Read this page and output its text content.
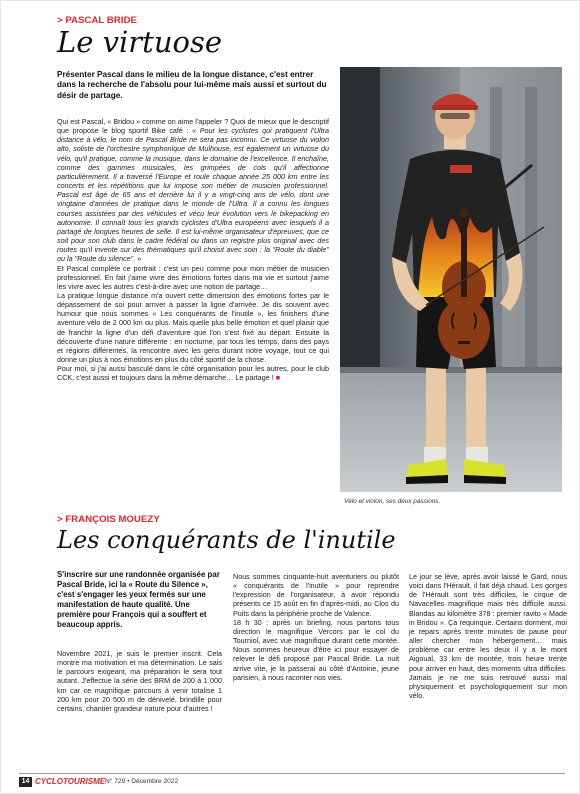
> PASCAL BRIDE
Le virtuose
Présenter Pascal dans le milieu de la longue distance, c'est entrer dans la recherche de l'absolu pour lui-même mais aussi et surtout du désir de partage.

Qui est Pascal, « Bridou » comme on aime l'appeler ? Quoi de mieux que le descriptif que propose le blog sportif Bike café : « Pour les cyclistes qui pratiquent l'Ultra distance à vélo, le nom de Pascal Bride ne sera pas inconnu. Ce virtuose du violon alto, soliste de l'orchestre symphonique de Mulhouse, est également un virtuose du vélo, qu'il pratique, comme la musique, dans le domaine de l'excellence. Il enchaîne, comme des gammes musicales, les grimpées de cols qu'il affectionne particulièrement. Il a traversé l'Europe et roule chaque année 25 000 km entre les concerts et les répétitions que lui impose son métier de musicien professionnel. Pascal est âgé de 65 ans et derrière lui il y a vingt-cinq ans de vélo, dont une vingtaine d'années de pratique dans le monde de l'Ultra. Il a connu les longues courses assistées par des véhicules et vécu leur évolution vers le bikepacking en autonomie. Il connaît tous les grands cyclistes d'Ultra européens avec lesquels il a partagé de longues heures de selle. Il est lui-même organisateur d'épreuves, que ce soit pour son club dans le cadre fédéral ou dans un registre plus original avec des routes qu'il invente sur des thématiques qu'il choisit avec soin : la "Route du diable" ou la "Route du silence". »

Et Pascal complète ce portrait : c'est un peu comme pour mon métier de musicien professionnel. En fait j'aime vivre des émotions fortes dans ma vie et surtout j'aime les vivre avec les autres c'est-à-dire avec une notion de partage…

La pratique longue distance m'a ouvert cette dimension des émotions fortes par le dépassement de soi pour arriver à passer la ligne d'arrivée. Je dis souvent avec humour que nous sommes « Les conquérants de l'inutile », les finishers d'une aventure vélo de 2 000 km ou plus. Mais quelle plus belle émotion et quel plaisir que de franchir la ligne d'un défi d'aventure que l'on s'est fixé au départ. Ensuite la découverte d'une nature différente : en nocturne, par tous les temps, dans des pays et régions différentes, la rencontre avec les gens durant notre voyage, tout ce qui donne un plus à nos émotions en plus du côté sportif de la chose.

Pour moi, si j'ai aussi basculé dans le côté organisation pour les autres, pour le club CCK, c'est aussi et toujours dans la même démarche… Le partage ! ■

Vélo et violon, ses deux passions.
> FRANÇOIS MOUEZY
Les conquérants de l'inutile
S'inscrire sur une randonnée organisée par Pascal Bride, ici la « Route du Silence », c'est s'engager les yeux fermés sur une manifestation de haute qualité. Une première pour François qui a souffert et beaucoup appris.

Novembre 2021, je suis le premier inscrit. Cela montre ma motivation et ma détermination. Le sais le parcours exigeant, ma préparation le sera tout autant. J'effectue la série des BRM de 200 à 1 000 km car ce magnifique parcours à venir totalise 1 200 km pour 20 500 m de dénivelé, brindille pour certains, chantier grandeur nature pour d'autres !

Nous sommes cinquante-huit aventuriers ou plutôt « conquérants de l'inutile » pour reprendre l'expression de l'organisateur, à avoir répondu présents ce 15 août en fin d'après-midi, au Clos du Puits dans la périphérie proche de Valence.

18 h 30 : après un briefing, nous partons tous direction le magnifique Vercors par le col du Tourniol, avec vue magnifique durant cette montée. Nous sommes heureux d'être ici pour essayer de relever le défi proposé par Pascal Bride. La nuit arrive vite, je la passerai au côté d'Antoine, jeune parisien, à nous raconter nos vies.

Le jour se lève, après avoir laissé le Gard, nous voici dans l'Hérault, il fait déjà chaud. Les gorges de l'Hérault sont très difficiles, le cirque de Navacelles magnifique mais très difficile aussi. Blandas au kilomètre 378 : premier ravito « Made in Bridou ». Ça requinque. Certains dorment, moi je repars après trente minutes de pause pour aller chercher mon hébergement… mais problème car entre les deux il y a le mont Aigoual, 33 km de montée, trois heure trente pour arriver en haut, des moments ultra difficiles. Jamais je ne me suis retrouvé aussi mal physiquement et psychologiquement sur mon vélo.

14 CYCLOTOURISME N° 729 • Décembre 2022
